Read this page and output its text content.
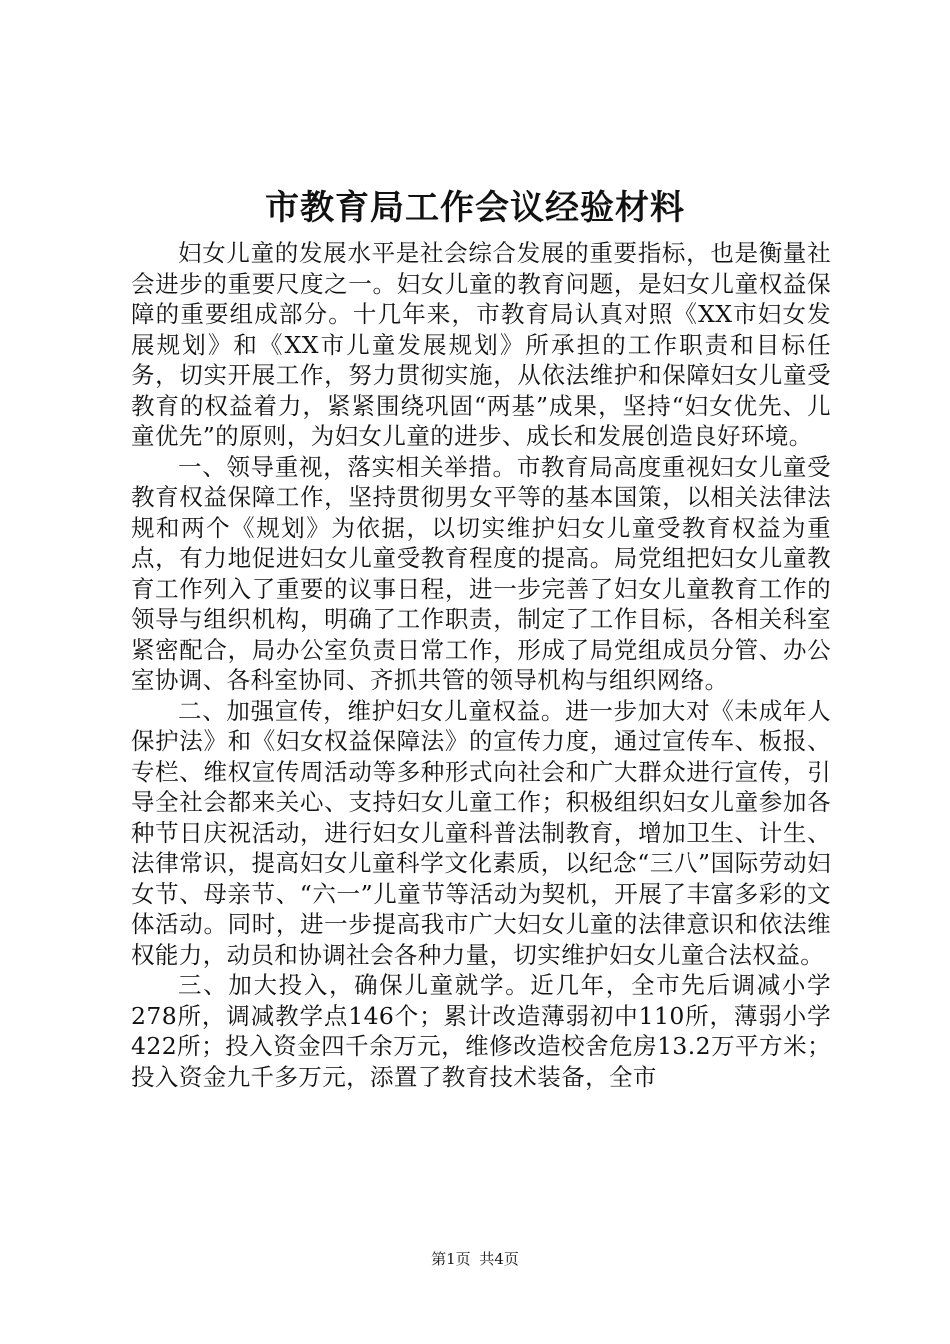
市教育局工作会议经验材料

妇女儿童的发展水平是社会综合发展的重要指标，也是衡量社会进步的重要尺度之一。妇女儿童的教育问题，是妇女儿童权益保障的重要组成部分。十几年来，市教育局认真对照《XX市妇女发展规划》和《XX市儿童发展规划》所承担的工作职责和目标任务，切实开展工作，努力贯彻实施，从依法维护和保障妇女儿童受教育的权益着力，紧紧围绕巩固“两基”成果，坚持“妇女优先、儿童优先”的原则，为妇女儿童的进步、成长和发展创造良好环境。

一、领导重视，落实相关举措。市教育局高度重视妇女儿童受教育权益保障工作，坚持贯彻男女平等的基本国策，以相关法律法规和两个《规划》为依据，以切实维护妇女儿童受教育权益为重点，有力地促进妇女儿童受教育程度的提高。局党组把妇女儿童教育工作列入了重要的议事日程，进一步完善了妇女儿童教育工作的领导与组织机构，明确了工作职责，制定了工作目标，各相关科室紧密配合，局办公室负责日常工作，形成了局党组成员分管、办公室协调、各科室协同、齐抓共管的领导机构与组织网络。

二、加强宣传，维护妇女儿童权益。进一步加大对《未成年人保护法》和《妇女权益保障法》的宣传力度，通过宣传车、板报、专栏、维权宣传周活动等多种形式向社会和广大群众进行宣传，引导全社会都来关心、支持妇女儿童工作；积极组织妇女儿童参加各种节日庆祝活动，进行妇女儿童科普法制教育，增加卫生、计生、法律常识，提高妇女儿童科学文化素质，以纪念“三八”国际劳动妇女节、母亲节、“六一”儿童节等活动为契机，开展了丰富多彩的文体活动。同时，进一步提高我市广大妇女儿童的法律意识和依法维权能力，动员和协调社会各种力量，切实维护妇女儿童合法权益。

三、加大投入，确保儿童就学。近几年，全市先后调减小学278所，调减教学点146个；累计改造薄弱初中110所，薄弱小学422所；投入资金四千余万元，维修改造校舍危房13.2万平方米；投入资金九千多万元，添置了教育技术装备，全市

第1页 共4页
